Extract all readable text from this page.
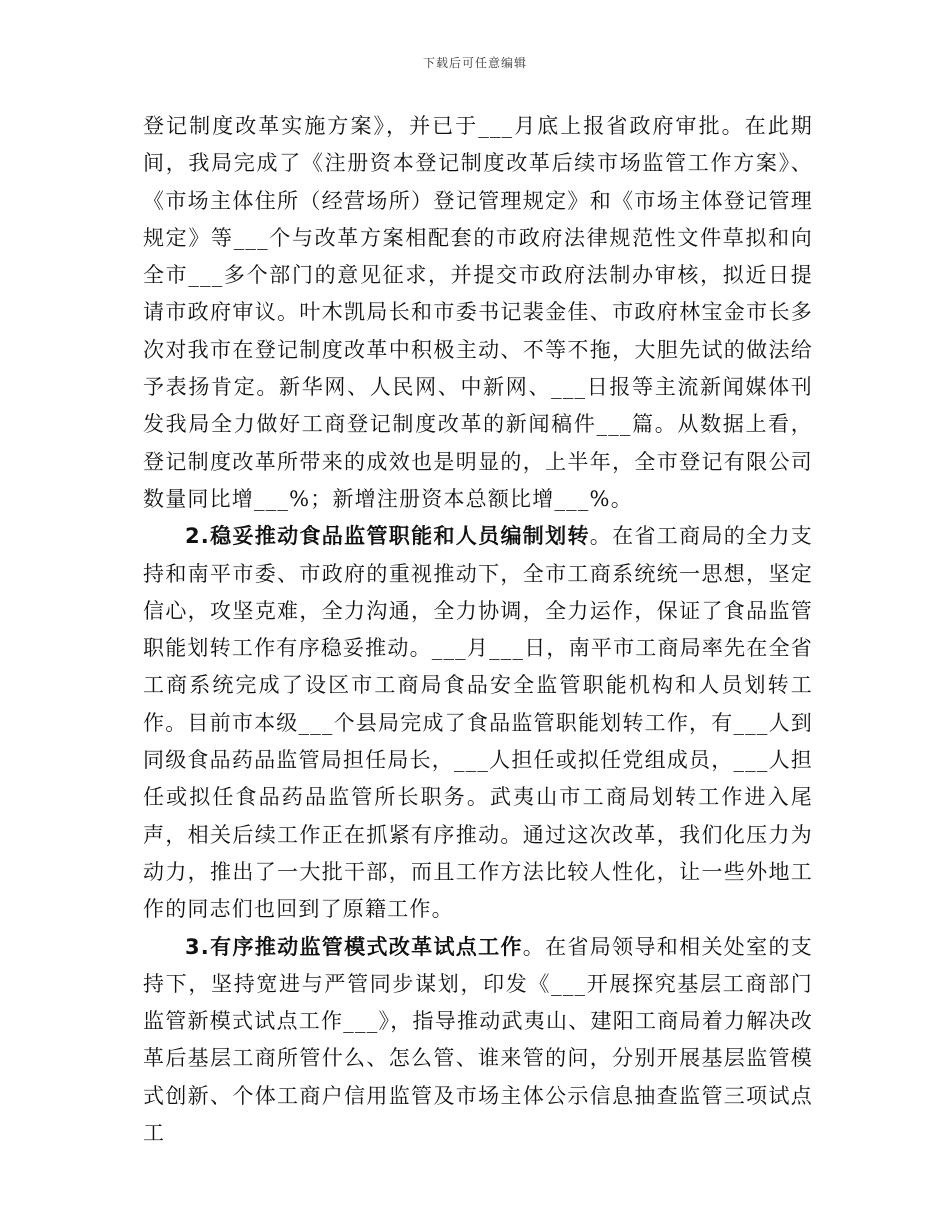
下载后可任意编辑

登记制度改革实施方案》，并已于___月底上报省政府审批。在此期间，我局完成了《注册资本登记制度改革后续市场监管工作方案》、《市场主体住所（经营场所）登记管理规定》和《市场主体登记管理规定》等___个与改革方案相配套的市政府法律规范性文件草拟和向全市___多个部门的意见征求，并提交市政府法制办审核，拟近日提请市政府审议。叶木凯局长和市委书记裴金佳、市政府林宝金市长多次对我市在登记制度改革中积极主动、不等不拖，大胆先试的做法给予表扬肯定。新华网、人民网、中新网、___日报等主流新闻媒体刊发我局全力做好工商登记制度改革的新闻稿件___篇。从数据上看，登记制度改革所带来的成效也是明显的，上半年，全市登记有限公司数量同比增___%；新增注册资本总额比增___%。

2.稳妥推动食品监管职能和人员编制划转。在省工商局的全力支持和南平市委、市政府的重视推动下，全市工商系统统一思想，坚定信心，攻坚克难，全力沟通，全力协调，全力运作，保证了食品监管职能划转工作有序稳妥推动。___月___日，南平市工商局率先在全省工商系统完成了设区市工商局食品安全监管职能机构和人员划转工作。目前市本级___个县局完成了食品监管职能划转工作，有___人到同级食品药品监管局担任局长，___人担任或拟任党组成员，___人担任或拟任食品药品监管所长职务。武夷山市工商局划转工作进入尾声，相关后续工作正在抓紧有序推动。通过这次改革，我们化压力为动力，推出了一大批干部，而且工作方法比较人性化，让一些外地工作的同志们也回到了原籍工作。

3.有序推动监管模式改革试点工作。在省局领导和相关处室的支持下，坚持宽进与严管同步谋划，印发《___开展探究基层工商部门监管新模式试点工作___》，指导推动武夷山、建阳工商局着力解决改革后基层工商所管什么、怎么管、谁来管的问，分别开展基层监管模式创新、个体工商户信用监管及市场主体公示信息抽查监管三项试点工
